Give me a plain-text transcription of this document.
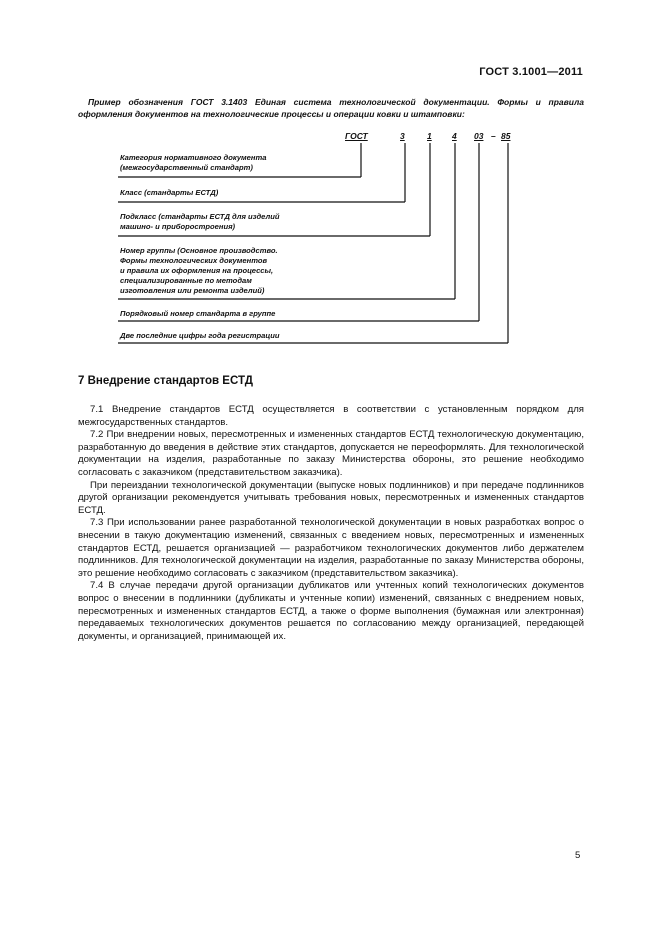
ГОСТ 3.1001—2011
Пример обозначения ГОСТ 3.1403 Единая система технологической документации. Формы и правила оформления документов на технологические процессы и операции ковки и штамповки:
ГОСТ	3	1 4 03 – 85
Категория нормативного документа
(межгосударственный стандарт)
Класс (стандарты ЕСТД)
Подкласс (стандарты ЕСТД для изделий
машино- и приборостроения)
Номер группы (Основное производство.
Формы технологических документов
и правила их оформления на процессы,
специализированные по методам
изготовления или ремонта изделий)
Порядковый номер стандарта в группе
Две последние цифры года регистрации
7 Внедрение стандартов ЕСТД

7.1 Внедрение стандартов ЕСТД осуществляется в соответствии с установленным порядком для межгосударственных стандартов.

7.2 При внедрении новых, пересмотренных и измененных стандартов ЕСТД технологическую документацию, разработанную до введения в действие этих стандартов, допускается не переоформлять. Для технологической документации на изделия, разработанные по заказу Министерства обороны, это решение необходимо согласовать с заказчиком (представительством заказчика).

При переиздании технологической документации (выпуске новых подлинников) и при передаче подлинников другой организации рекомендуется учитывать требования новых, пересмотренных и измененных стандартов ЕСТД.

7.3 При использовании ранее разработанной технологической документации в новых разработках вопрос о внесении в такую документацию изменений, связанных с введением новых, пересмотренных и измененных стандартов ЕСТД, решается организацией — разработчиком технологических документов либо держателем подлинников. Для технологической документации на изделия, разработанные по заказу Министерства обороны, это решение необходимо согласовать с заказчиком (представительством заказчика).

7.4 В случае передачи другой организации дубликатов или учтенных копий технологических документов вопрос о внесении в подлинники (дубликаты и учтенные копии) изменений, связанных с внедрением новых, пересмотренных и измененных стандартов ЕСТД, а также о форме выполнения (бумажная или электронная) передаваемых технологических документов решается по согласованию между организацией, передающей документы, и организацией, принимающей их.

5
